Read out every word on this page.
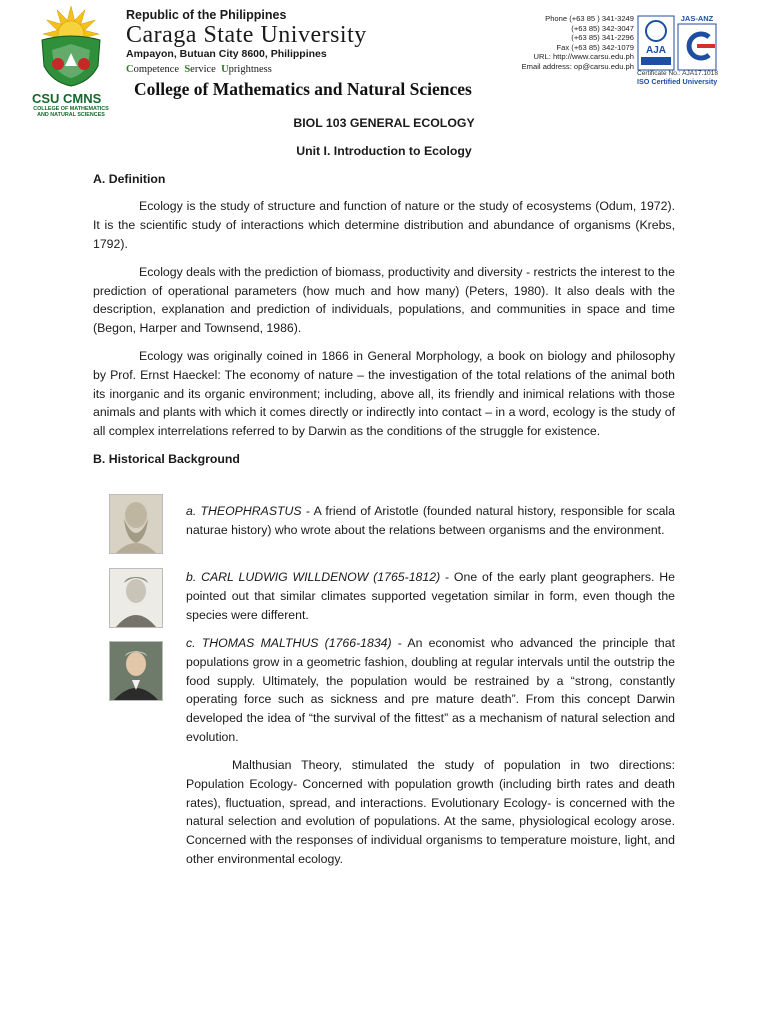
π
CSU CMNS
COLLEGE OF MATHEMATICS
AND NATURAL SCIENCES
Republic of the Philippines
Caraga State University
Ampayon, Butuan City 8600, Philippines
Competence Service Uprightness
College of Mathematics and Natural Sciences
Phone (+63 85 ) 341-3249
(+63 85) 342-3047
(+63 85) 341-2296
Fax (+63 85) 342-1079
URL: http://www.carsu.edu.ph
Email address: op@carsu.edu.ph
AJA
JAS-ANZ
Certificate No.: AJA17.1018
ISO Certified University

BIOL 103 GENERAL ECOLOGY

Unit I. Introduction to Ecology

A. Definition

Ecology is the study of structure and function of nature or the study of ecosystems (Odum, 1972). It is the scientific study of interactions which determine distribution and abundance of organisms (Krebs, 1792).

Ecology deals with the prediction of biomass, productivity and diversity - restricts the interest to the prediction of operational parameters (how much and how many) (Peters, 1980). It also deals with the description, explanation and prediction of individuals, populations, and communities in space and time (Begon, Harper and Townsend, 1986).

Ecology was originally coined in 1866 in General Morphology, a book on biology and philosophy by Prof. Ernst Haeckel: The economy of nature – the investigation of the total relations of the animal both its inorganic and its organic environment; including, above all, its friendly and inimical relations with those animals and plants with which it comes directly or indirectly into contact – in a word, ecology is the study of all complex interrelations referred to by Darwin as the conditions of the struggle for existence.

B. Historical Background

a. THEOPHRASTUS - A friend of Aristotle (founded natural history, responsible for scala naturae history) who wrote about the relations between organisms and the environment.
b. CARL LUDWIG WILLDENOW (1765-1812) - One of the early plant geographers. He pointed out that similar climates supported vegetation similar in form, even though the species were different.
c. THOMAS MALTHUS (1766-1834) - An economist who advanced the principle that populations grow in a geometric fashion, doubling at regular intervals until the outstrip the food supply. Ultimately, the population would be restrained by a “strong, constantly operating force such as sickness and pre mature death”. From this concept Darwin developed the idea of “the survival of the fittest” as a mechanism of natural selection and evolution.
Malthusian Theory, stimulated the study of population in two directions: Population Ecology- Concerned with population growth (including birth rates and death rates), fluctuation, spread, and interactions. Evolutionary Ecology- is concerned with the natural selection and evolution of populations. At the same, physiological ecology arose. Concerned with the responses of individual organisms to temperature moisture, light, and other environmental ecology.
